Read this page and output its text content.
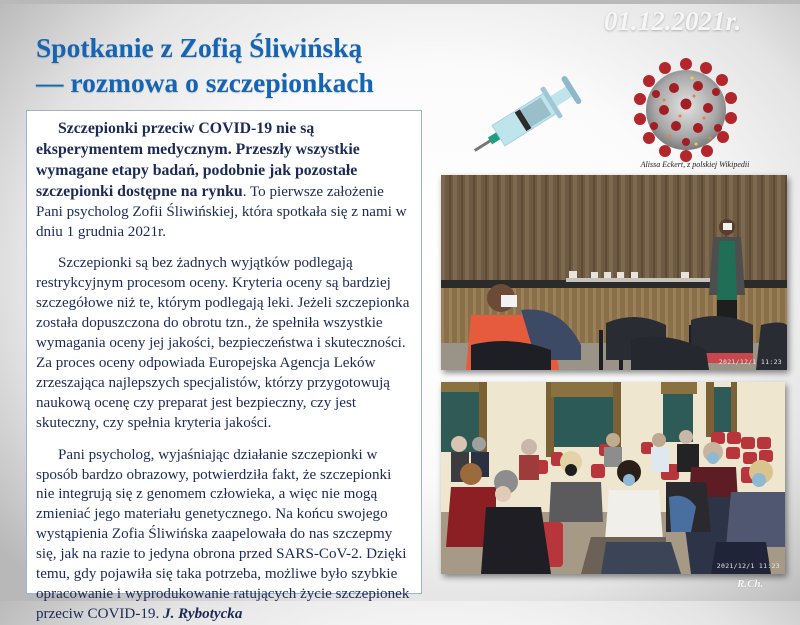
Spotkanie z Zofią Śliwińską
— rozmowa o szczepionkach
01.12.2021r.

Szczepionki przeciw COVID-19 nie są eksperymentem medycznym. Przeszły wszystkie wymagane etapy badań, podobnie jak pozostałe szczepionki dostępne na rynku. To pierwsze założenie Pani psycholog Zofii Śliwińskiej, która spotkała się z nami w dniu 1 grudnia 2021r.

Szczepionki są bez żadnych wyjątków podlegają restrykcyjnym procesom oceny. Kryteria oceny są bardziej szczegółowe niż te, którym podlegają leki. Jeżeli szczepionka została dopuszczona do obrotu tzn., że spełniła wszystkie wymagania oceny jej jakości, bezpieczeństwa i skuteczności. Za proces oceny odpowiada Europejska Agencja Leków zrzeszająca najlepszych specjalistów, którzy przygotowują naukową ocenę czy preparat jest bezpieczny, czy jest skuteczny, czy spełnia kryteria jakości.

Pani psycholog, wyjaśniając działanie szczepionki w sposób bardzo obrazowy, potwierdziła fakt, że szczepionki nie integrują się z genomem człowieka, a więc nie mogą zmieniać jego materiału genetycznego. Na końcu swojego wystąpienia Zofia Śliwińska zaapelowała do nas szczepmy się, jak na razie to jedyna obrona przed SARS-CoV-2. Dzięki temu, gdy pojawiła się taka potrzeba, możliwe było szybkie opracowanie i wyprodukowanie ratujących życie szczepionek przeciw COVID-19. J. Rybotycka

Alissa Eckert, z polskiej Wikipedii
2021/12/1 11:23
2021/12/1 11:23
R.Ch.
